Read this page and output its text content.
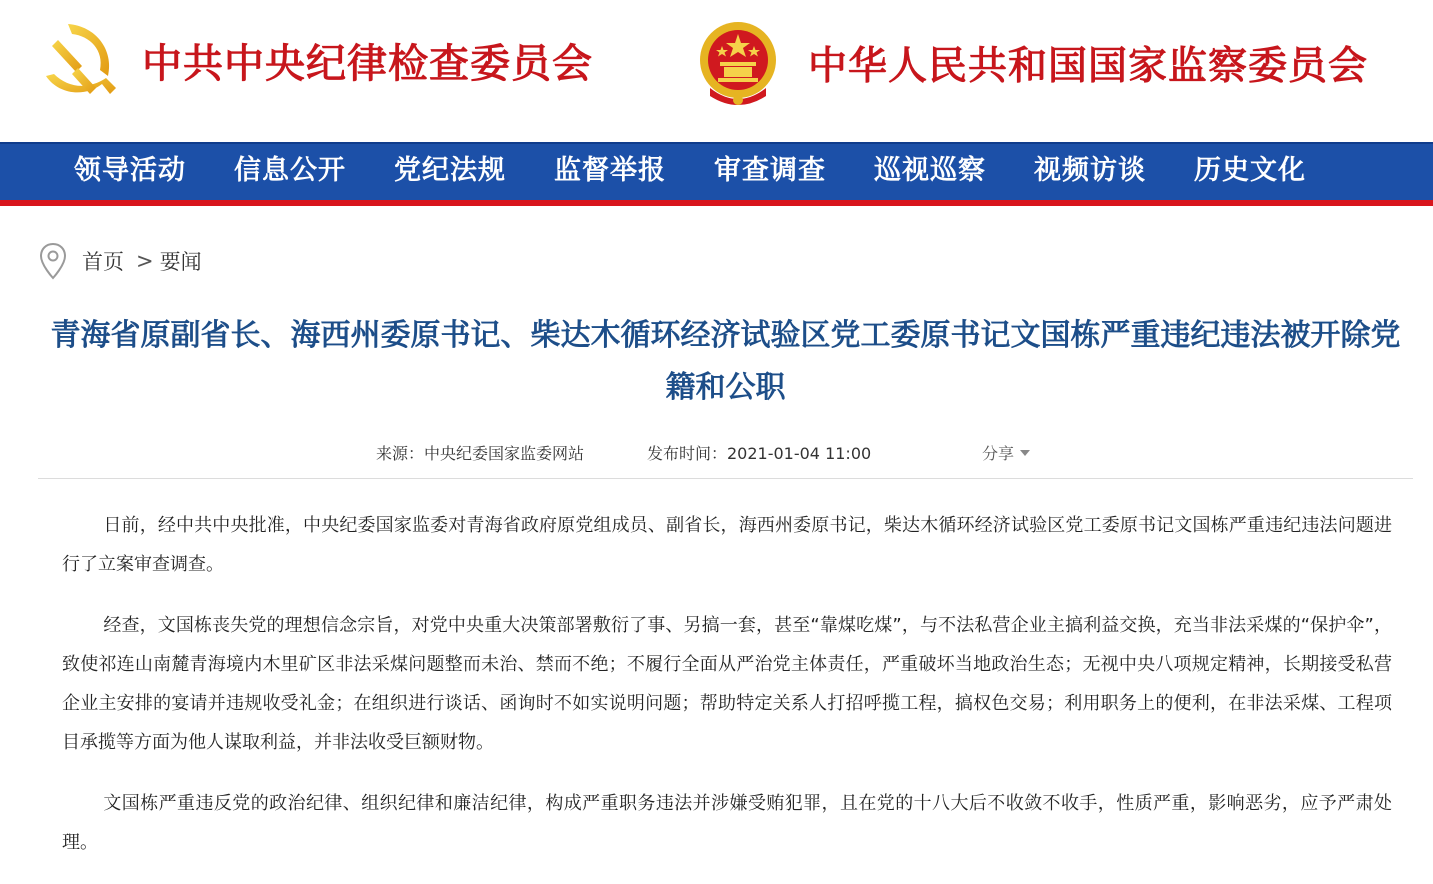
中共中央纪律检查委员会	中华人民共和国国家监察委员会
领导活动 信息公开 党纪法规 监督举报 审查调查 巡视巡察 视频访谈 历史文化
首页 > 要闻
青海省原副省长、海西州委原书记、柴达木循环经济试验区党工委原书记文国栋严重违纪违法被开除党籍和公职
来源：中央纪委国家监委网站	发布时间：2021-01-04 11:00	分享

日前，经中共中央批准，中央纪委国家监委对青海省政府原党组成员、副省长，海西州委原书记，柴达木循环经济试验区党工委原书记文国栋严重违纪违法问题进行了立案审查调查。

经查，文国栋丧失党的理想信念宗旨，对党中央重大决策部署敷衍了事、另搞一套，甚至“靠煤吃煤”，与不法私营企业主搞利益交换，充当非法采煤的“保护伞”，致使祁连山南麓青海境内木里矿区非法采煤问题整而未治、禁而不绝；不履行全面从严治党主体责任，严重破坏当地政治生态；无视中央八项规定精神，长期接受私营企业主安排的宴请并违规收受礼金；在组织进行谈话、函询时不如实说明问题；帮助特定关系人打招呼揽工程，搞权色交易；利用职务上的便利，在非法采煤、工程项目承揽等方面为他人谋取利益，并非法收受巨额财物。

文国栋严重违反党的政治纪律、组织纪律和廉洁纪律，构成严重职务违法并涉嫌受贿犯罪，且在党的十八大后不收敛不收手，性质严重，影响恶劣，应予严肃处理。
